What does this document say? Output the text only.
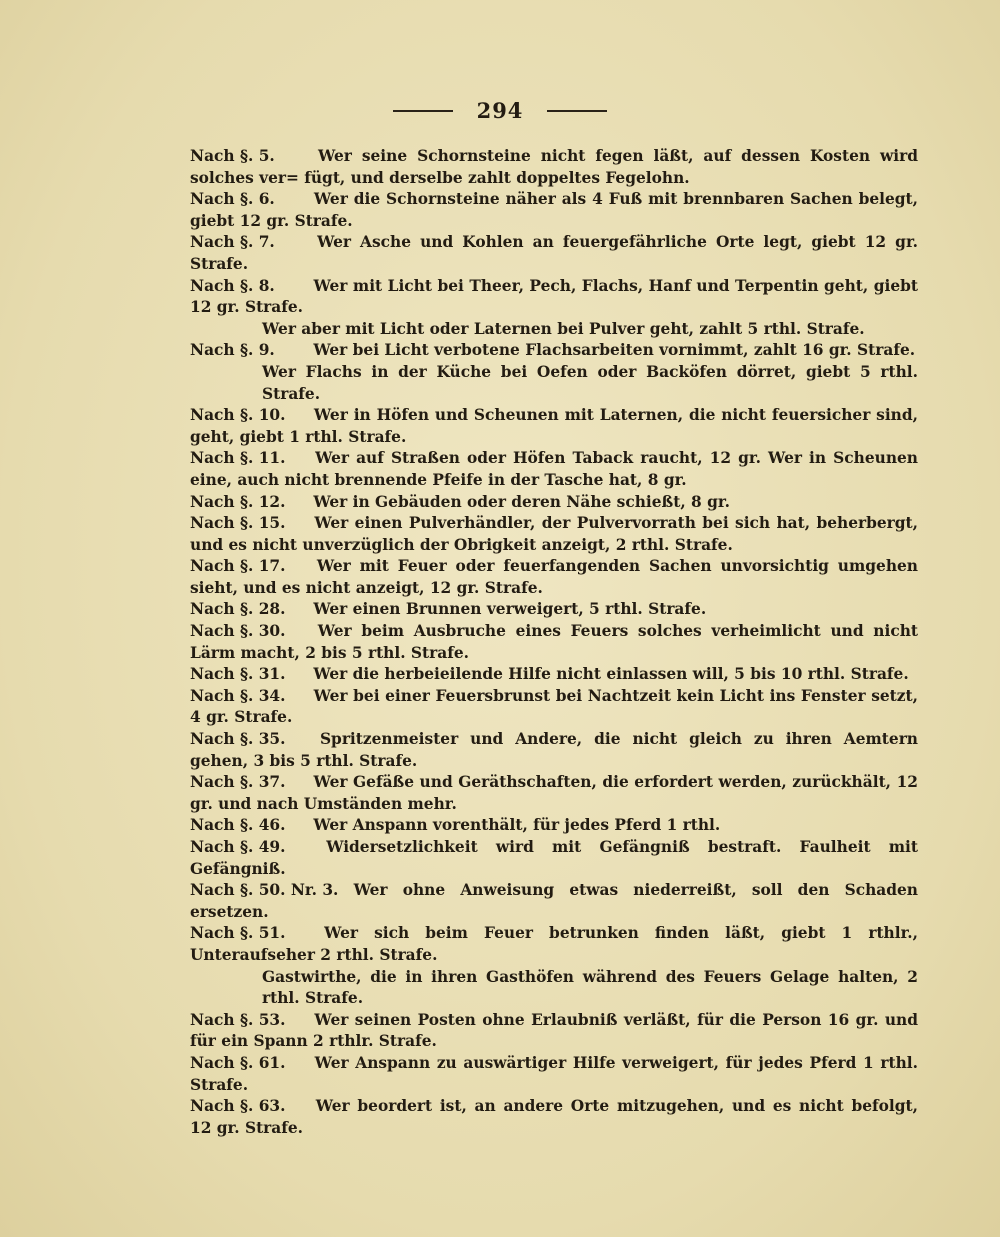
294
Nach §. 5. Wer seine Schornsteine nicht fegen läßt, auf dessen Kosten wird solches ver= fügt, und derselbe zahlt doppeltes Fegelohn.
Nach §. 6. Wer die Schornsteine näher als 4 Fuß mit brennbaren Sachen belegt, giebt 12 gr. Strafe.
Nach §. 7. Wer Asche und Kohlen an feuergefährliche Orte legt, giebt 12 gr. Strafe.
Nach §. 8. Wer mit Licht bei Theer, Pech, Flachs, Hanf und Terpentin geht, giebt 12 gr. Strafe.
Wer aber mit Licht oder Laternen bei Pulver geht, zahlt 5 rthl. Strafe.
Nach §. 9. Wer bei Licht verbotene Flachsarbeiten vornimmt, zahlt 16 gr. Strafe.
Wer Flachs in der Küche bei Oefen oder Backöfen dörret, giebt 5 rthl. Strafe.
Nach §. 10. Wer in Höfen und Scheunen mit Laternen, die nicht feuersicher sind, geht, giebt 1 rthl. Strafe.
Nach §. 11. Wer auf Straßen oder Höfen Taback raucht, 12 gr. Wer in Scheunen eine, auch nicht brennende Pfeife in der Tasche hat, 8 gr.
Nach §. 12. Wer in Gebäuden oder deren Nähe schießt, 8 gr.
Nach §. 15. Wer einen Pulverhändler, der Pulvervorrath bei sich hat, beherbergt, und es nicht unverzüglich der Obrigkeit anzeigt, 2 rthl. Strafe.
Nach §. 17. Wer mit Feuer oder feuerfangenden Sachen unvorsichtig umgehen sieht, und es nicht anzeigt, 12 gr. Strafe.
Nach §. 28. Wer einen Brunnen verweigert, 5 rthl. Strafe.
Nach §. 30. Wer beim Ausbruche eines Feuers solches verheimlicht und nicht Lärm macht, 2 bis 5 rthl. Strafe.
Nach §. 31. Wer die herbeieilende Hilfe nicht einlassen will, 5 bis 10 rthl. Strafe.
Nach §. 34. Wer bei einer Feuersbrunst bei Nachtzeit kein Licht ins Fenster setzt, 4 gr. Strafe.
Nach §. 35. Spritzenmeister und Andere, die nicht gleich zu ihren Aemtern gehen, 3 bis 5 rthl. Strafe.
Nach §. 37. Wer Gefäße und Geräthschaften, die erfordert werden, zurückhält, 12 gr. und nach Umständen mehr.
Nach §. 46. Wer Anspann vorenthält, für jedes Pferd 1 rthl.
Nach §. 49. Widersetzlichkeit wird mit Gefängniß bestraft. Faulheit mit Gefängniß.
Nach §. 50. Nr. 3. Wer ohne Anweisung etwas niederreißt, soll den Schaden ersetzen.
Nach §. 51. Wer sich beim Feuer betrunken finden läßt, giebt 1 rthlr., Unteraufseher 2 rthl. Strafe.
Gastwirthe, die in ihren Gasthöfen während des Feuers Gelage halten, 2 rthl. Strafe.
Nach §. 53. Wer seinen Posten ohne Erlaubniß verläßt, für die Person 16 gr. und für ein Spann 2 rthlr. Strafe.
Nach §. 61. Wer Anspann zu auswärtiger Hilfe verweigert, für jedes Pferd 1 rthl. Strafe.
Nach §. 63. Wer beordert ist, an andere Orte mitzugehen, und es nicht befolgt, 12 gr. Strafe.
